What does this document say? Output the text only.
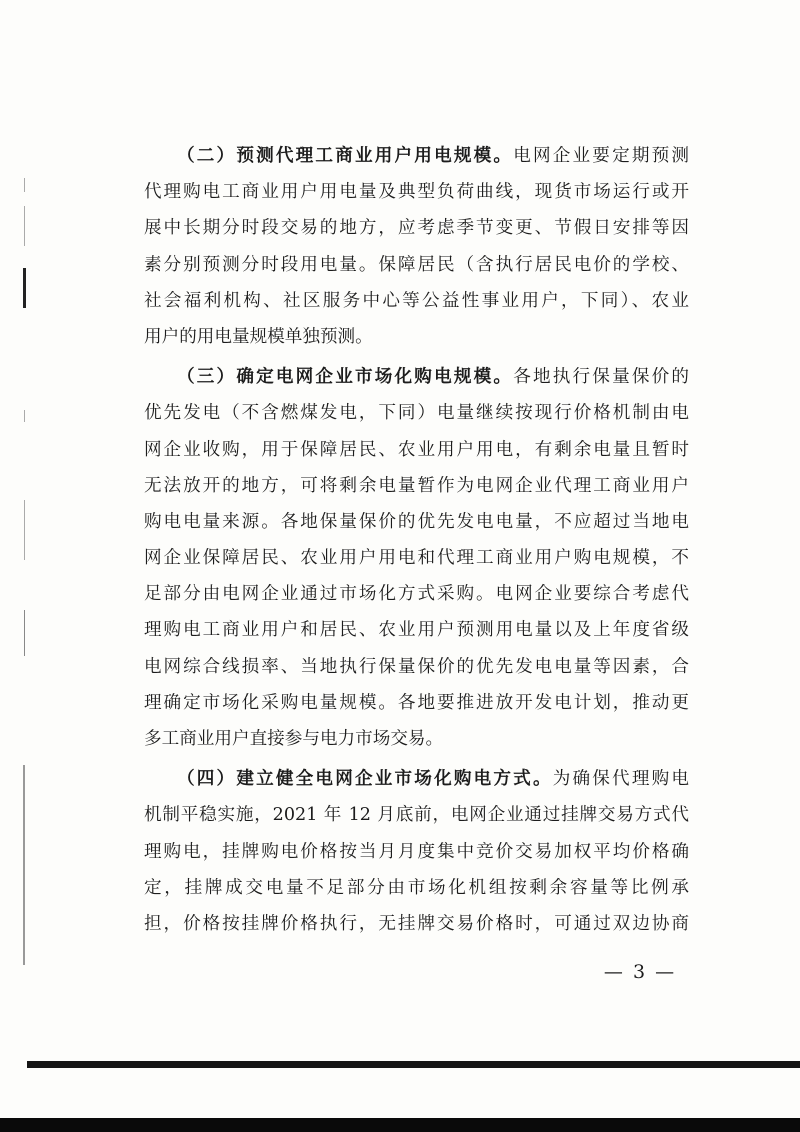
（二）预测代理工商业用户用电规模。电网企业要定期预测
代理购电工商业用户用电量及典型负荷曲线，现货市场运行或开
展中长期分时段交易的地方，应考虑季节变更、节假日安排等因
素分别预测分时段用电量。保障居民（含执行居民电价的学校、
社会福利机构、社区服务中心等公益性事业用户，下同）、农业
用户的用电量规模单独预测。
（三）确定电网企业市场化购电规模。各地执行保量保价的
优先发电（不含燃煤发电，下同）电量继续按现行价格机制由电
网企业收购，用于保障居民、农业用户用电，有剩余电量且暂时
无法放开的地方，可将剩余电量暂作为电网企业代理工商业用户
购电电量来源。各地保量保价的优先发电电量，不应超过当地电
网企业保障居民、农业用户用电和代理工商业用户购电规模，不
足部分由电网企业通过市场化方式采购。电网企业要综合考虑代
理购电工商业用户和居民、农业用户预测用电量以及上年度省级
电网综合线损率、当地执行保量保价的优先发电电量等因素，合
理确定市场化采购电量规模。各地要推进放开发电计划，推动更
多工商业用户直接参与电力市场交易。
（四）建立健全电网企业市场化购电方式。为确保代理购电
机制平稳实施，2021 年 12 月底前，电网企业通过挂牌交易方式代
理购电，挂牌购电价格按当月月度集中竞价交易加权平均价格确
定，挂牌成交电量不足部分由市场化机组按剩余容量等比例承
担，价格按挂牌价格执行，无挂牌交易价格时，可通过双边协商
— 3 —
